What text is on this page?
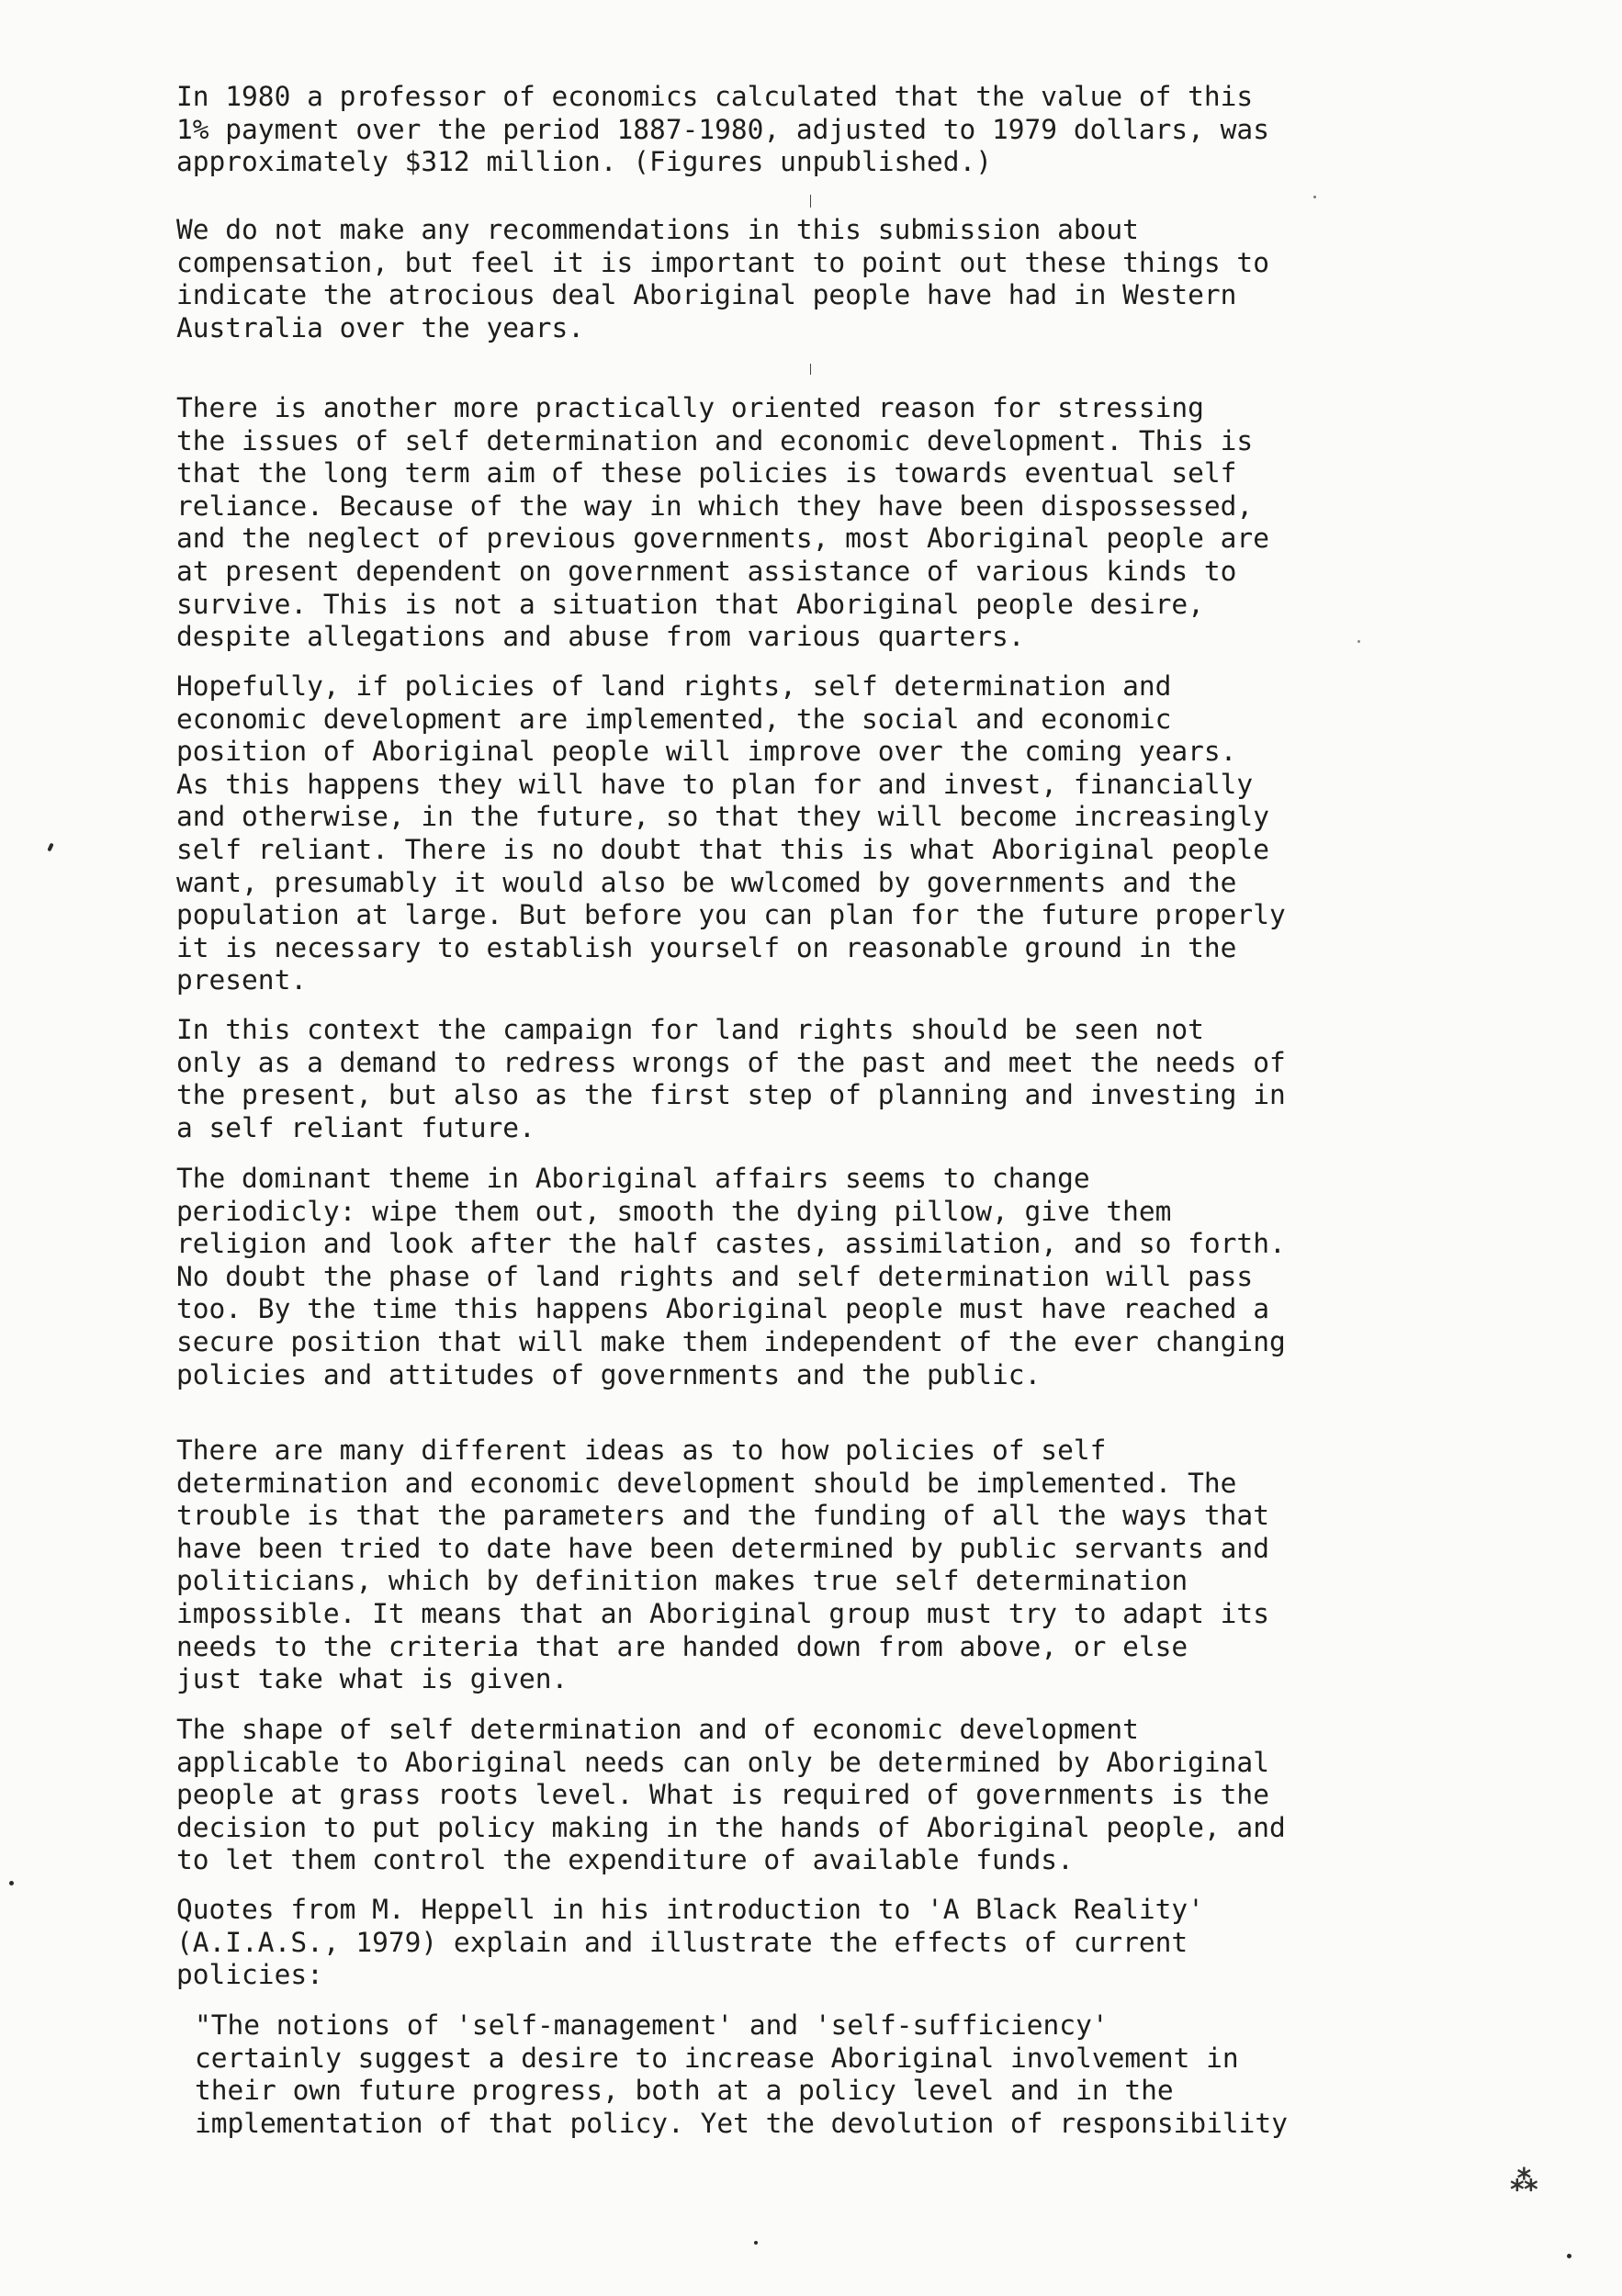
In 1980 a professor of economics calculated that the value of this
1% payment over the period 1887-1980, adjusted to 1979 dollars, was
approximately $312 million. (Figures unpublished.)
We do not make any recommendations in this submission about
compensation, but feel it is important to point out these things to
indicate the atrocious deal Aboriginal people have had in Western
Australia over the years.
There is another more practically oriented reason for stressing
the issues of self determination and economic development. This is
that the long term aim of these policies is towards eventual self
reliance. Because of the way in which they have been dispossessed,
and the neglect of previous governments, most Aboriginal people are
at present dependent on government assistance of various kinds to
survive. This is not a situation that Aboriginal people desire,
despite allegations and abuse from various quarters.
Hopefully, if policies of land rights, self determination and
economic development are implemented, the social and economic
position of Aboriginal people will improve over the coming years.
As this happens they will have to plan for and invest, financially
and otherwise, in the future, so that they will become increasingly
self reliant. There is no doubt that this is what Aboriginal people
want, presumably it would also be wwlcomed by governments and the
population at large. But before you can plan for the future properly
it is necessary to establish yourself on reasonable ground in the
present.
In this context the campaign for land rights should be seen not
only as a demand to redress wrongs of the past and meet the needs of
the present, but also as the first step of planning and investing in
a self reliant future.
The dominant theme in Aboriginal affairs seems to change
periodicly: wipe them out, smooth the dying pillow, give them
religion and look after the half castes, assimilation, and so forth.
No doubt the phase of land rights and self determination will pass
too. By the time this happens Aboriginal people must have reached a
secure position that will make them independent of the ever changing
policies and attitudes of governments and the public.
There are many different ideas as to how policies of self
determination and economic development should be implemented. The
trouble is that the parameters and the funding of all the ways that
have been tried to date have been determined by public servants and
politicians, which by definition makes true self determination
impossible. It means that an Aboriginal group must try to adapt its
needs to the criteria that are handed down from above, or else
just take what is given.
The shape of self determination and of economic development
applicable to Aboriginal needs can only be determined by Aboriginal
people at grass roots level. What is required of governments is the
decision to put policy making in the hands of Aboriginal people, and
to let them control the expenditure of available funds.
Quotes from M. Heppell in his introduction to 'A Black Reality'
(A.I.A.S., 1979) explain and illustrate the effects of current
policies:
"The notions of 'self-management' and 'self-sufficiency'
certainly suggest a desire to increase Aboriginal involvement in
their own future progress, both at a policy level and in the
implementation of that policy. Yet the devolution of responsibility
⁂
